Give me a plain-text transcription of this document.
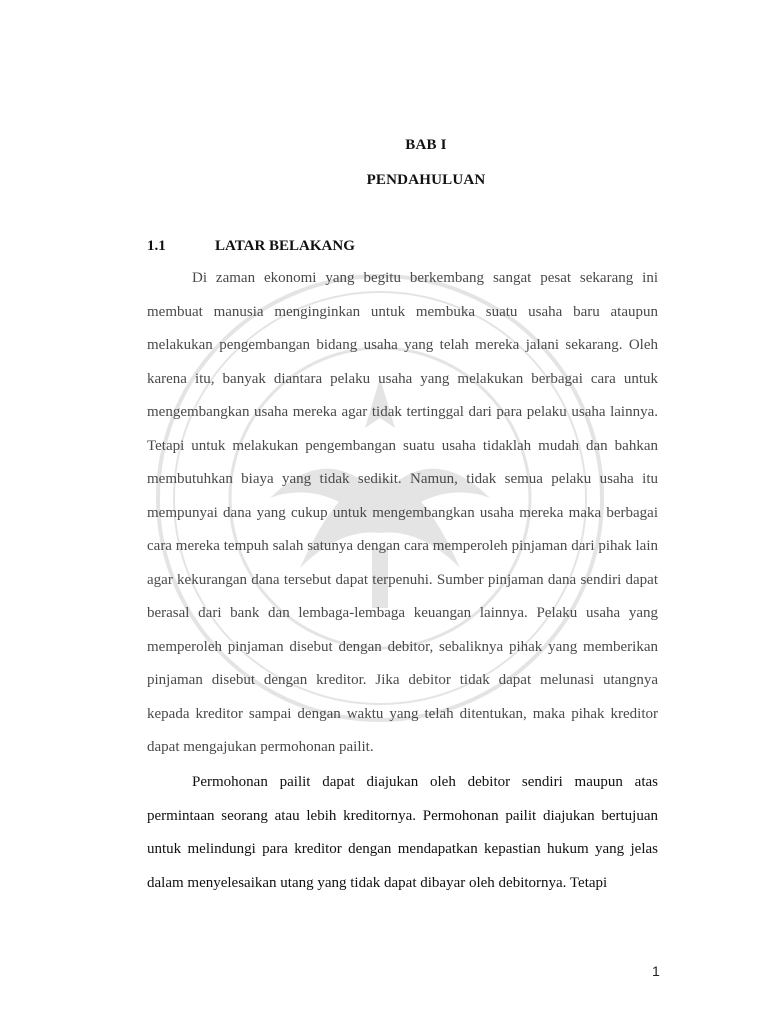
BAB I
PENDAHULUAN
1.1	LATAR BELAKANG

Di zaman ekonomi yang begitu berkembang sangat pesat sekarang ini membuat manusia menginginkan untuk membuka suatu usaha baru ataupun melakukan pengembangan bidang usaha yang telah mereka jalani sekarang. Oleh karena itu, banyak diantara pelaku usaha yang melakukan berbagai cara untuk mengembangkan usaha mereka agar tidak tertinggal dari para pelaku usaha lainnya. Tetapi untuk melakukan pengembangan suatu usaha tidaklah mudah dan bahkan membutuhkan biaya yang tidak sedikit. Namun, tidak semua pelaku usaha itu mempunyai dana yang cukup untuk mengembangkan usaha mereka maka berbagai cara mereka tempuh salah satunya dengan cara memperoleh pinjaman dari pihak lain agar kekurangan dana tersebut dapat terpenuhi. Sumber pinjaman dana sendiri dapat berasal dari bank dan lembaga-lembaga keuangan lainnya. Pelaku usaha yang memperoleh pinjaman disebut dengan debitor, sebaliknya pihak yang memberikan pinjaman disebut dengan kreditor. Jika debitor tidak dapat melunasi utangnya kepada kreditor sampai dengan waktu yang telah ditentukan, maka pihak kreditor dapat mengajukan permohonan pailit.

Permohonan pailit dapat diajukan oleh debitor sendiri maupun atas permintaan seorang atau lebih kreditornya. Permohonan pailit diajukan bertujuan untuk melindungi para kreditor dengan mendapatkan kepastian hukum yang jelas dalam menyelesaikan utang yang tidak dapat dibayar oleh debitornya. Tetapi

1
